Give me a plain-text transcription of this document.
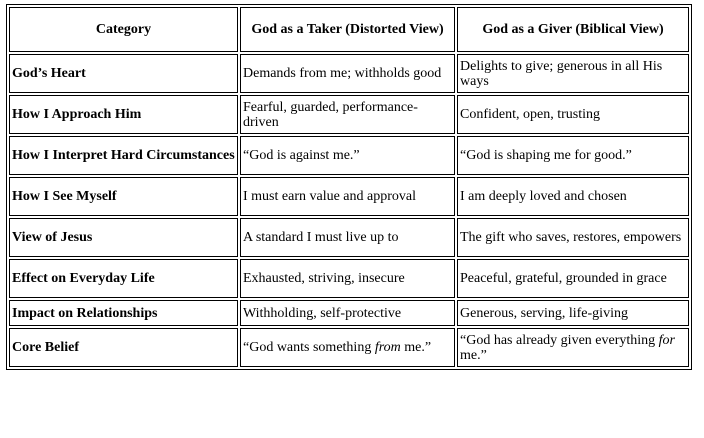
Category	God as a Taker (Distorted View)	God as a Giver (Biblical View)
God’s Heart	Demands from me; withholds good	Delights to give; generous in all His ways
How I Approach Him	Fearful, guarded, performance-driven	Confident, open, trusting
How I Interpret Hard Circumstances	“God is against me.”	“God is shaping me for good.”
How I See Myself	I must earn value and approval	I am deeply loved and chosen
View of Jesus	A standard I must live up to	The gift who saves, restores, empowers
Effect on Everyday Life	Exhausted, striving, insecure	Peaceful, grateful, grounded in grace
Impact on Relationships	Withholding, self-protective	Generous, serving, life-giving
Core Belief	“God wants something from me.”	“God has already given everything for me.”
